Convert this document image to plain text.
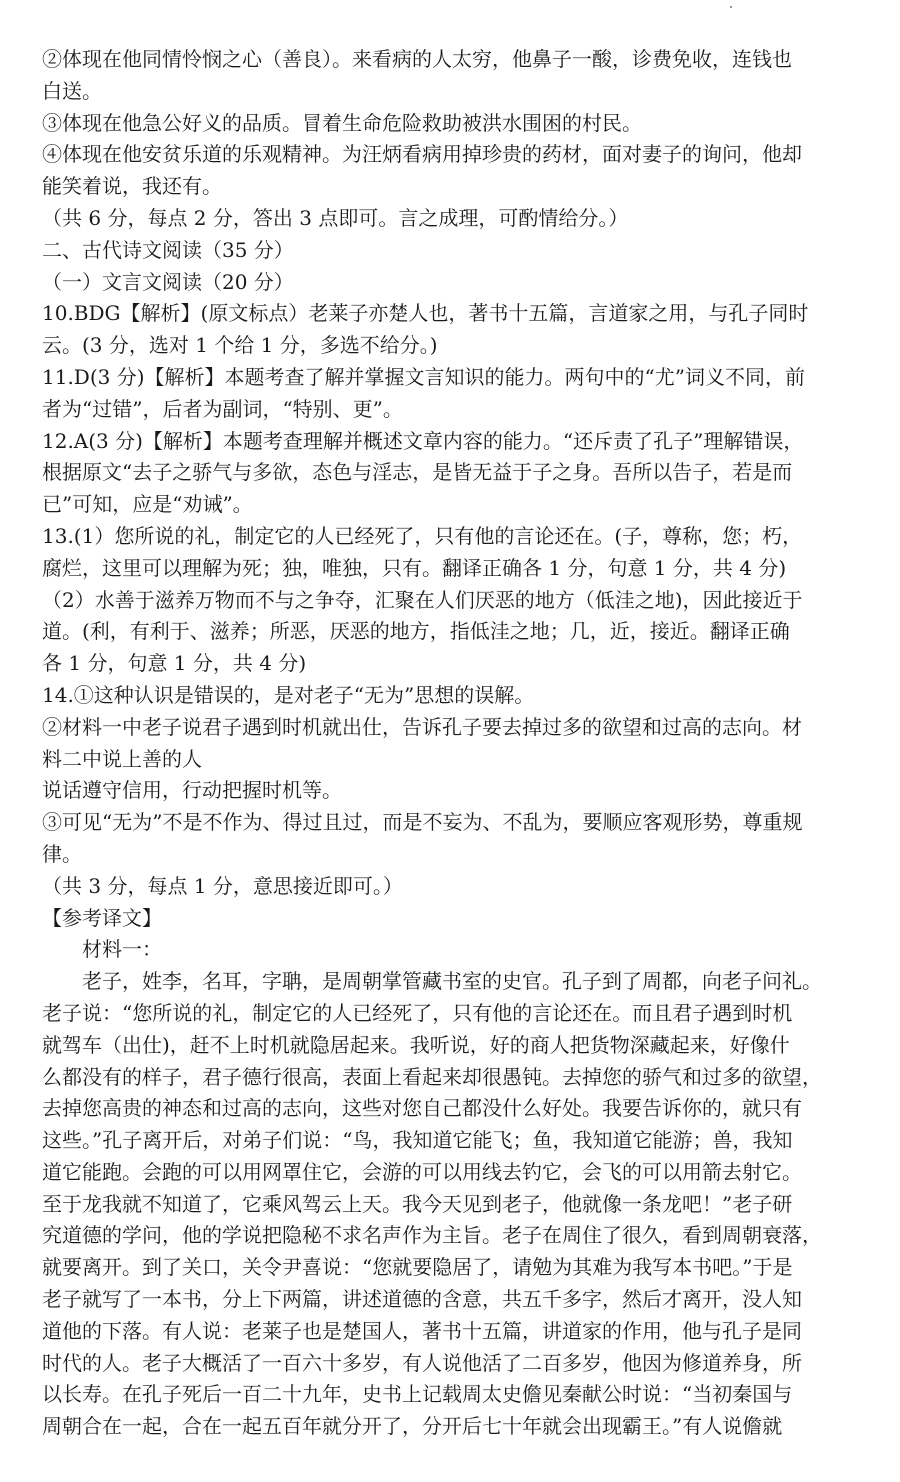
②体现在他同情怜悯之心（善良）。来看病的人太穷，他鼻子一酸，诊费免收，连钱也
白送。
③体现在他急公好义的品质。冒着生命危险救助被洪水围困的村民。
④体现在他安贫乐道的乐观精神。为汪炳看病用掉珍贵的药材，面对妻子的询问，他却
能笑着说，我还有。
（共 6 分，每点 2 分，答出 3 点即可。言之成理，可酌情给分。）
二、古代诗文阅读（35 分）
（一）文言文阅读（20 分）
10.BDG【解析】(原文标点）老莱子亦楚人也，著书十五篇，言道家之用，与孔子同时
云。(3 分，选对 1 个给 1 分，多选不给分。)
11.D(3 分)【解析】本题考查了解并掌握文言知识的能力。两句中的“尤”词义不同，前
者为“过错”，后者为副词，“特别、更”。
12.A(3 分)【解析】本题考查理解并概述文章内容的能力。“还斥责了孔子”理解错误，
根据原文“去子之骄气与多欲，态色与淫志，是皆无益于子之身。吾所以告子，若是而
已”可知，应是“劝诫”。
13.(1）您所说的礼，制定它的人已经死了，只有他的言论还在。(子，尊称，您；朽，
腐烂，这里可以理解为死；独，唯独，只有。翻译正确各 1 分，句意 1 分，共 4 分)
（2）水善于滋养万物而不与之争夺，汇聚在人们厌恶的地方（低洼之地)，因此接近于
道。(利，有利于、滋养；所恶，厌恶的地方，指低洼之地；几，近，接近。翻译正确
各 1 分，句意 1 分，共 4 分)
14.①这种认识是错误的，是对老子“无为”思想的误解。
②材料一中老子说君子遇到时机就出仕，告诉孔子要去掉过多的欲望和过高的志向。材
料二中说上善的人
说话遵守信用，行动把握时机等。
③可见“无为”不是不作为、得过且过，而是不妄为、不乱为，要顺应客观形势，尊重规
律。
（共 3 分，每点 1 分，意思接近即可。）
【参考译文】
材料一：
老子，姓李，名耳，字聃，是周朝掌管藏书室的史官。孔子到了周都，向老子问礼。
老子说：“您所说的礼，制定它的人已经死了，只有他的言论还在。而且君子遇到时机
就驾车（出仕)，赶不上时机就隐居起来。我听说，好的商人把货物深藏起来，好像什
么都没有的样子，君子德行很高，表面上看起来却很愚钝。去掉您的骄气和过多的欲望，
去掉您高贵的神态和过高的志向，这些对您自己都没什么好处。我要告诉你的，就只有
这些。”孔子离开后，对弟子们说：“鸟，我知道它能飞；鱼，我知道它能游；兽，我知
道它能跑。会跑的可以用网罩住它，会游的可以用线去钓它，会飞的可以用箭去射它。
至于龙我就不知道了，它乘风驾云上天。我今天见到老子，他就像一条龙吧！”老子研
究道德的学问，他的学说把隐秘不求名声作为主旨。老子在周住了很久，看到周朝衰落，
就要离开。到了关口，关令尹喜说：“您就要隐居了，请勉为其难为我写本书吧。”于是
老子就写了一本书，分上下两篇，讲述道德的含意，共五千多字，然后才离开，没人知
道他的下落。有人说：老莱子也是楚国人，著书十五篇，讲道家的作用，他与孔子是同
时代的人。老子大概活了一百六十多岁，有人说他活了二百多岁，他因为修道养身，所
以长寿。在孔子死后一百二十九年，史书上记载周太史儋见秦献公时说：“当初秦国与
周朝合在一起，合在一起五百年就分开了，分开后七十年就会出现霸王。”有人说儋就
